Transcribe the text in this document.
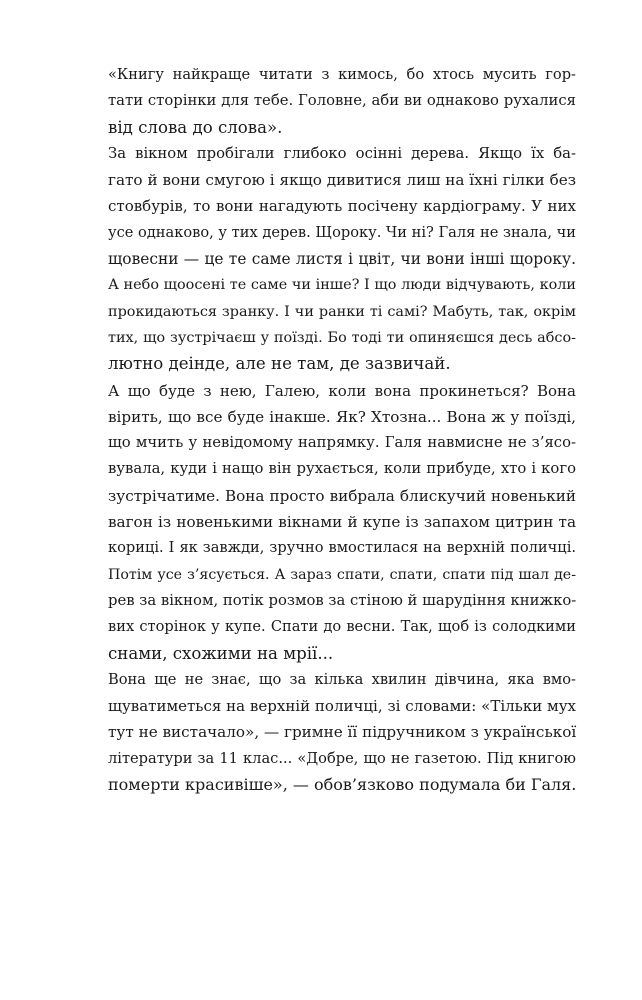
«Книгу найкраще читати з кимось, бо хтось мусить гор-
тати сторінки для тебе. Головне, аби ви однаково рухалися
від слова до слова».
За вікном пробігали глибоко осінні дерева. Якщо їх ба-
гато й вони смугою і якщо дивитися лиш на їхні гілки без
стовбурів, то вони нагадують посічену кардіограму. У них
усе однаково, у тих дерев. Щороку. Чи ні? Галя не знала, чи
щовесни — це те саме листя і цвіт, чи вони інші щороку.
А небо щоосені те саме чи інше? І що люди відчувають, коли
прокидаються зранку. І чи ранки ті самі? Мабуть, так, окрім
тих, що зустрічаєш у поїзді. Бо тоді ти опиняєшся десь абсо-
лютно деінде, але не там, де зазвичай.
А що буде з нею, Галею, коли вона прокинеться? Вона
вірить, що все буде інакше. Як? Хтозна... Вона ж у поїзді,
що мчить у невідомому напрямку. Галя навмисне не з’ясо-
вувала, куди і нащо він рухається, коли прибуде, хто і кого
зустрічатиме. Вона просто вибрала блискучий новенький
вагон із новенькими вікнами й купе із запахом цитрин та
кориці. І як завжди, зручно вмостилася на верхній поличці.
Потім усе з’ясується. А зараз спати, спати, спати під шал де-
рев за вікном, потік розмов за стіною й шарудіння книжко-
вих сторінок у купе. Спати до весни. Так, щоб із солодкими
снами, схожими на мрії...
Вона ще не знає, що за кілька хвилин дівчина, яка вмо-
щуватиметься на верхній поличці, зі словами: «Тільки мух
тут не вистачало», — гримне її підручником з української
літератури за 11 клас... «Добре, що не газетою. Під книгою
померти красивіше», — обов’язково подумала би Галя.
